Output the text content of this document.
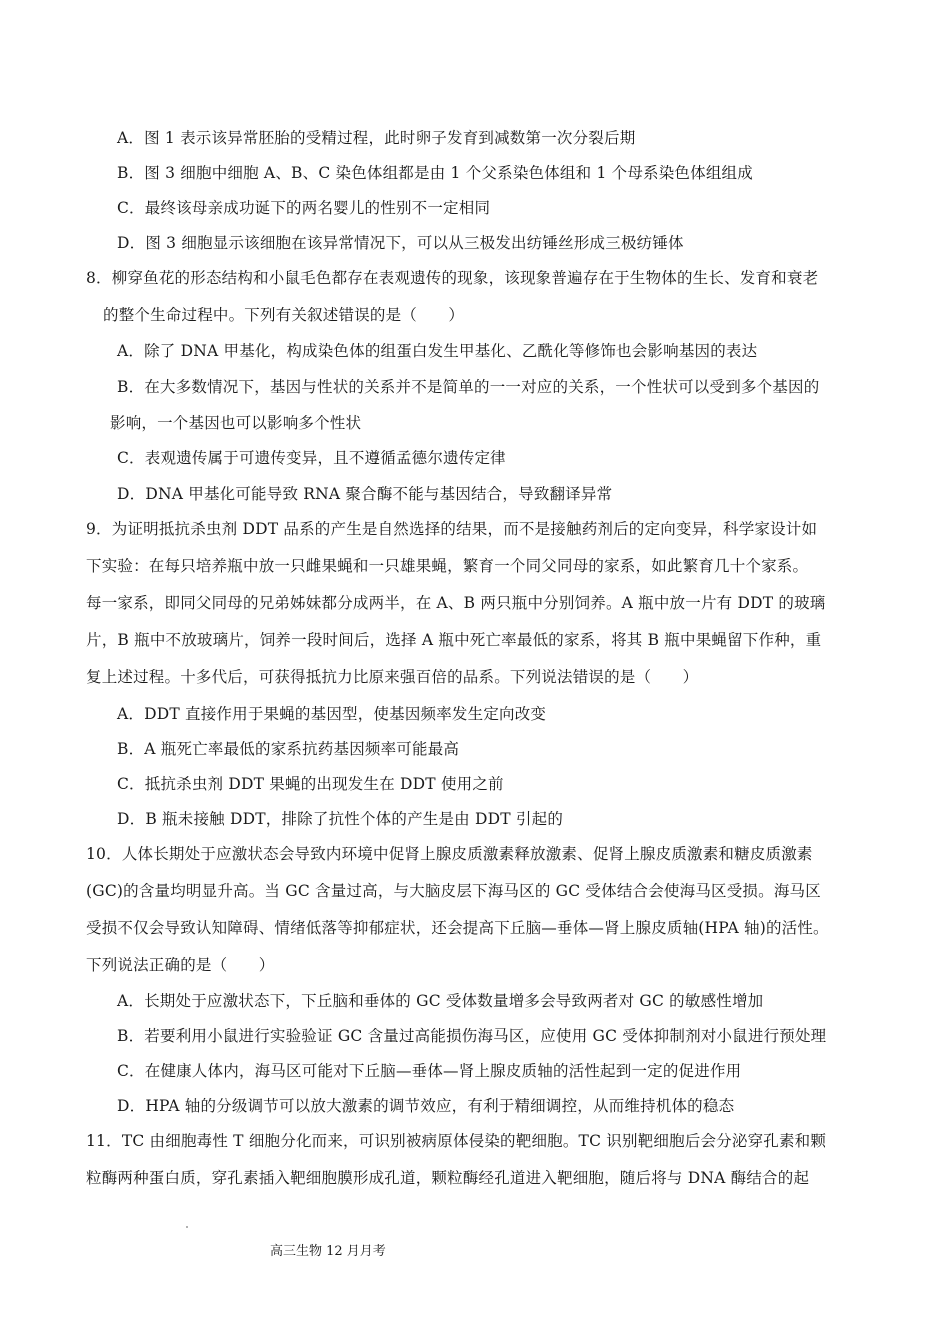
A．图 1 表示该异常胚胎的受精过程，此时卵子发育到减数第一次分裂后期
B．图 3 细胞中细胞 A、B、C 染色体组都是由 1 个父系染色体组和 1 个母系染色体组组成
C．最终该母亲成功诞下的两名婴儿的性别不一定相同
D．图 3 细胞显示该细胞在该异常情况下，可以从三极发出纺锤丝形成三极纺锤体
8．柳穿鱼花的形态结构和小鼠毛色都存在表观遗传的现象，该现象普遍存在于生物体的生长、发育和衰老
的整个生命过程中。下列有关叙述错误的是（　　）
A．除了 DNA 甲基化，构成染色体的组蛋白发生甲基化、乙酰化等修饰也会影响基因的表达
B．在大多数情况下，基因与性状的关系并不是简单的一一对应的关系，一个性状可以受到多个基因的
影响，一个基因也可以影响多个性状
C．表观遗传属于可遗传变异，且不遵循孟德尔遗传定律
D．DNA 甲基化可能导致 RNA 聚合酶不能与基因结合，导致翻译异常
9．为证明抵抗杀虫剂 DDT 品系的产生是自然选择的结果，而不是接触药剂后的定向变异，科学家设计如
下实验：在每只培养瓶中放一只雌果蝇和一只雄果蝇，繁育一个同父同母的家系，如此繁育几十个家系。
每一家系，即同父同母的兄弟姊妹都分成两半，在 A、B 两只瓶中分别饲养。A 瓶中放一片有 DDT 的玻璃
片，B 瓶中不放玻璃片，饲养一段时间后，选择 A 瓶中死亡率最低的家系，将其 B 瓶中果蝇留下作种，重
复上述过程。十多代后，可获得抵抗力比原来强百倍的品系。下列说法错误的是（　　）
A．DDT 直接作用于果蝇的基因型，使基因频率发生定向改变
B．A 瓶死亡率最低的家系抗药基因频率可能最高
C．抵抗杀虫剂 DDT 果蝇的出现发生在 DDT 使用之前
D．B 瓶未接触 DDT，排除了抗性个体的产生是由 DDT 引起的
10．人体长期处于应激状态会导致内环境中促肾上腺皮质激素释放激素、促肾上腺皮质激素和糖皮质激素
(GC)的含量均明显升高。当 GC 含量过高，与大脑皮层下海马区的 GC 受体结合会使海马区受损。海马区
受损不仅会导致认知障碍、情绪低落等抑郁症状，还会提高下丘脑—垂体—肾上腺皮质轴(HPA 轴)的活性。
下列说法正确的是（　　）
A．长期处于应激状态下，下丘脑和垂体的 GC 受体数量增多会导致两者对 GC 的敏感性增加
B．若要利用小鼠进行实验验证 GC 含量过高能损伤海马区，应使用 GC 受体抑制剂对小鼠进行预处理
C．在健康人体内，海马区可能对下丘脑—垂体—肾上腺皮质轴的活性起到一定的促进作用
D．HPA 轴的分级调节可以放大激素的调节效应，有利于精细调控，从而维持机体的稳态
11．TC 由细胞毒性 T 细胞分化而来，可识别被病原体侵染的靶细胞。TC 识别靶细胞后会分泌穿孔素和颗
粒酶两种蛋白质，穿孔素插入靶细胞膜形成孔道，颗粒酶经孔道进入靶细胞，随后将与 DNA 酶结合的起
高三生物 12 月月考
